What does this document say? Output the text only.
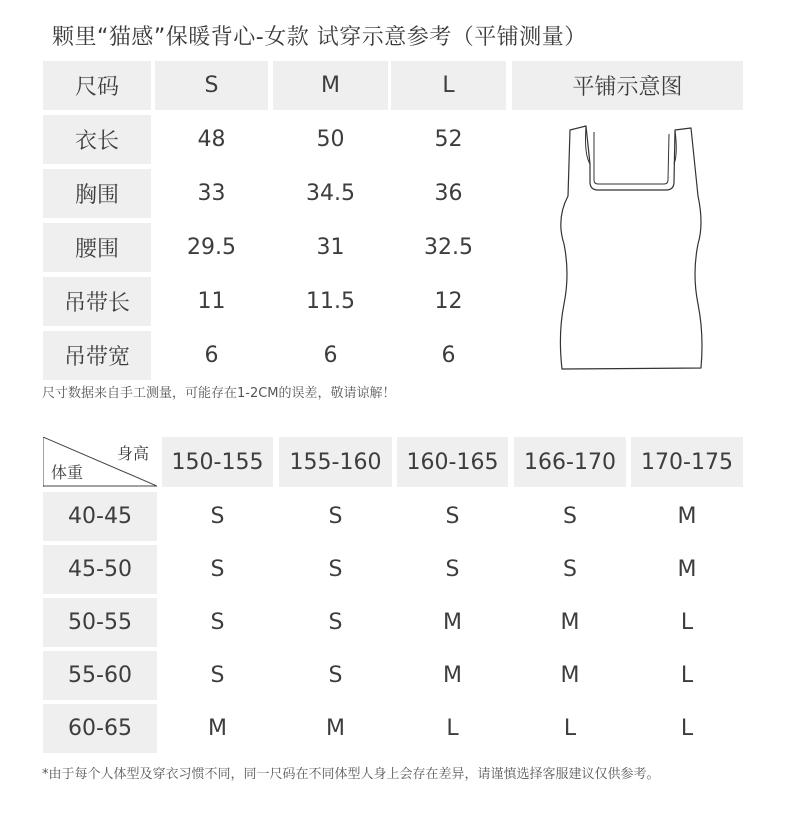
颗里“猫感”保暖背心-女款 试穿示意参考（平铺测量）
尺码	S	M	L	平铺示意图
衣长	48	50	52
胸围	33	34.5	36
腰围	29.5	31	32.5
吊带长	11	11.5	12
吊带宽	6	6	6
尺寸数据来自手工测量，可能存在1-2CM的误差，敬请谅解！
身高
体重	150-155	155-160	160-165	166-170	170-175
40-45	S	S	S	S	M
45-50	S	S	S	S	M
50-55	S	S	M	M	L
55-60	S	S	M	M	L
60-65	M	M	L	L	L
*由于每个人体型及穿衣习惯不同，同一尺码在不同体型人身上会存在差异，请谨慎选择客服建议仅供参考。
